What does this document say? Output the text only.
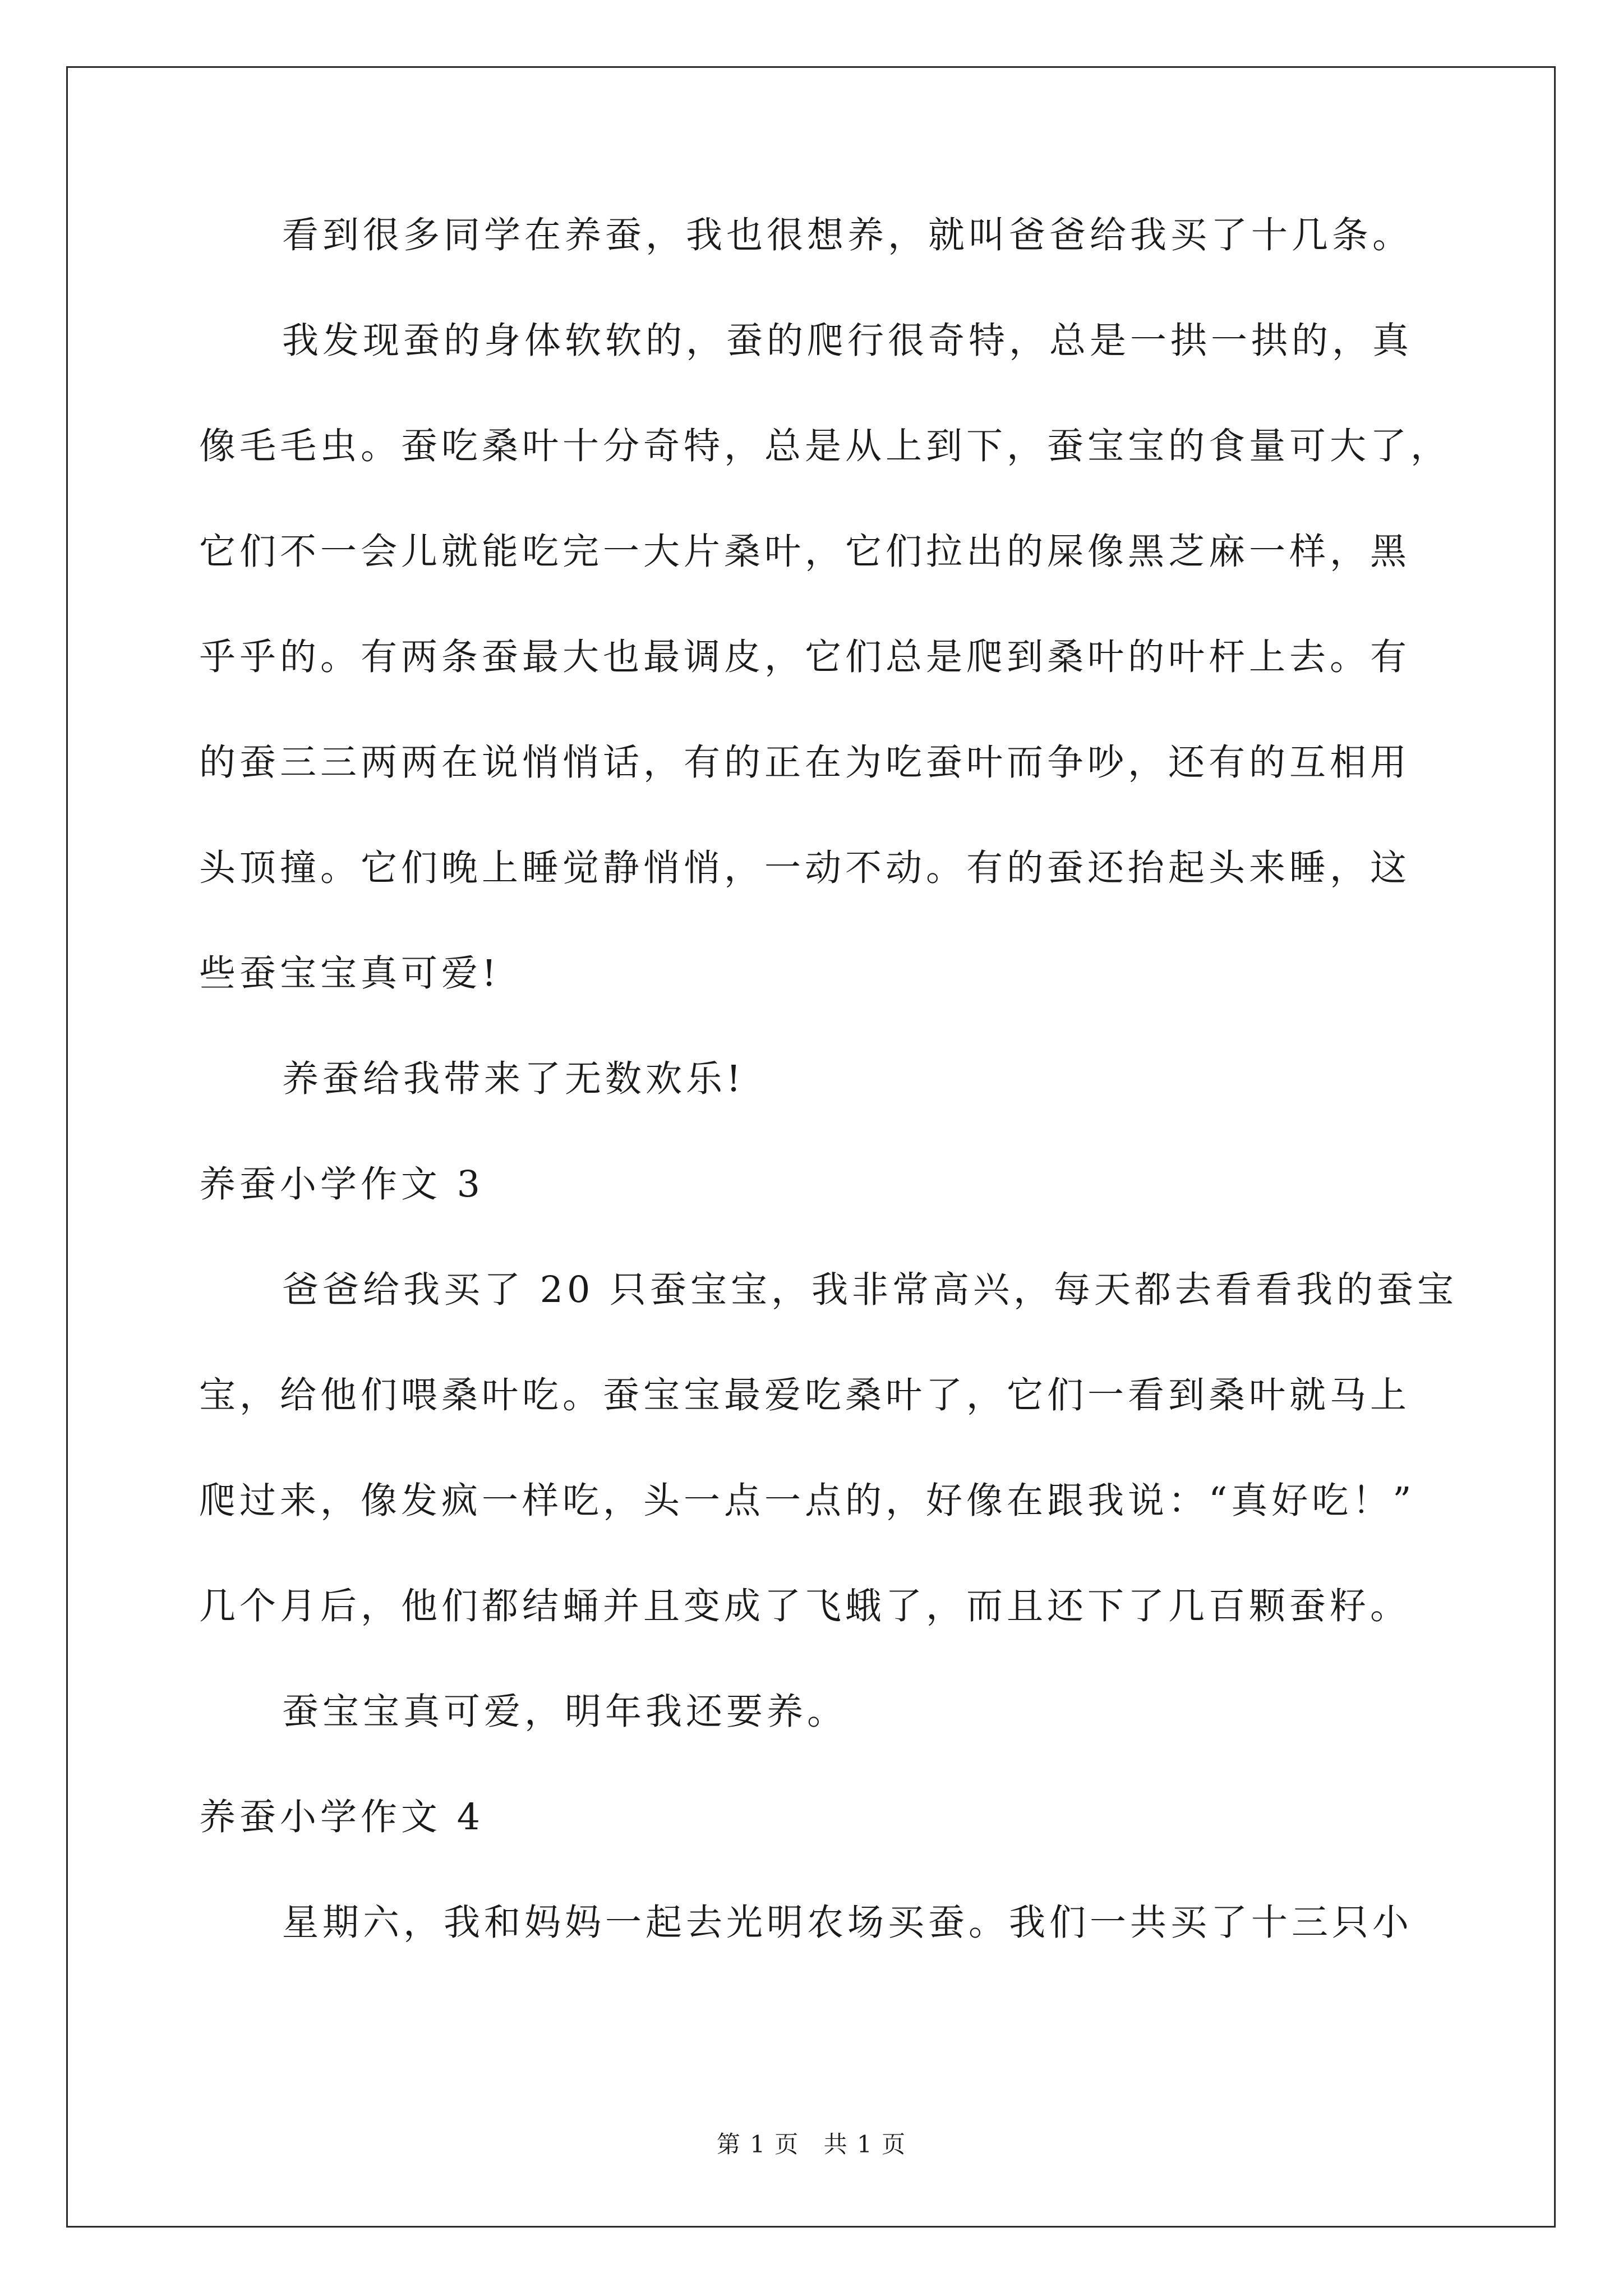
看到很多同学在养蚕，我也很想养，就叫爸爸给我买了十几条。
我发现蚕的身体软软的，蚕的爬行很奇特，总是一拱一拱的，真
像毛毛虫。蚕吃桑叶十分奇特，总是从上到下，蚕宝宝的食量可大了，
它们不一会儿就能吃完一大片桑叶，它们拉出的屎像黑芝麻一样，黑
乎乎的。有两条蚕最大也最调皮，它们总是爬到桑叶的叶杆上去。有
的蚕三三两两在说悄悄话，有的正在为吃蚕叶而争吵，还有的互相用
头顶撞。它们晚上睡觉静悄悄，一动不动。有的蚕还抬起头来睡，这
些蚕宝宝真可爱!
养蚕给我带来了无数欢乐!
养蚕小学作文 3
爸爸给我买了 20 只蚕宝宝，我非常高兴，每天都去看看我的蚕宝
宝，给他们喂桑叶吃。蚕宝宝最爱吃桑叶了，它们一看到桑叶就马上
爬过来，像发疯一样吃，头一点一点的，好像在跟我说：“真好吃！”
几个月后，他们都结蛹并且变成了飞蛾了，而且还下了几百颗蚕籽。
蚕宝宝真可爱，明年我还要养。
养蚕小学作文 4
星期六，我和妈妈一起去光明农场买蚕。我们一共买了十三只小
第 1 页 共 1 页
